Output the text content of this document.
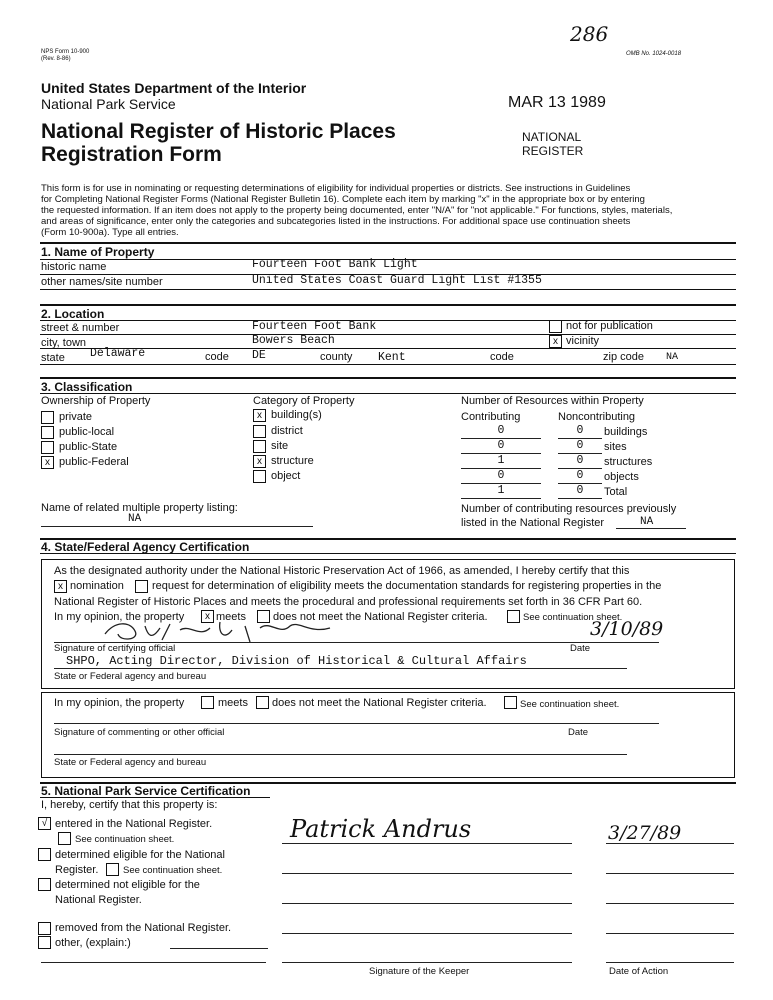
NPS Form 10-900
(Rev. 8-86)
OMB No. 1024-0018
286
United States Department of the Interior
National Park Service
National Register of Historic Places
Registration Form
MAR 13 1989
NATIONAL
REGISTER
This form is for use in nominating or requesting determinations of eligibility for individual properties or districts. See instructions in Guidelines
for Completing National Register Forms (National Register Bulletin 16). Complete each item by marking "x" in the appropriate box or by entering
the requested information. If an item does not apply to the property being documented, enter "N/A" for "not applicable." For functions, styles, materials,
and areas of significance, enter only the categories and subcategories listed in the instructions. For additional space use continuation sheets
(Form 10-900a). Type all entries.
1. Name of Property
historic name	Fourteen Foot Bank Light
other names/site number	United States Coast Guard Light List #1355
2. Location
street & number	Fourteen Foot Bank	not for publication
city, town	Bowers Beach	x vicinity
state Delaware	code DE	county Kent	code	zip code NA
3. Classification
Ownership of Property
private
public-local
public-State
x public-Federal
Category of Property
x building(s)
district
site
x structure
object
Number of Resources within Property
Contributing	Noncontributing
0	0	buildings
0	0	sites
1	0	structures
0	0	objects
1	0	Total
Name of related multiple property listing:
NA
Number of contributing resources previously
listed in the National Register	NA
4. State/Federal Agency Certification
As the designated authority under the National Historic Preservation Act of 1966, as amended, I hereby certify that this
x nomination	request for determination of eligibility meets the documentation standards for registering properties in the
National Register of Historic Places and meets the procedural and professional requirements set forth in 36 CFR Part 60.
In my opinion, the property	x meets does not meet the National Register criteria.	See continuation sheet.
3/10/89
Signature of certifying official	Date
SHPO, Acting Director, Division of Historical & Cultural Affairs
State or Federal agency and bureau
In my opinion, the property	meets does not meet the National Register criteria.	See continuation sheet.
Signature of commenting or other official	Date
State or Federal agency and bureau
5. National Park Service Certification
I, hereby, certify that this property is:
√ entered in the National Register.
See continuation sheet.
determined eligible for the National
Register.	See continuation sheet.
determined not eligible for the
National Register.
removed from the National Register.
other, (explain:)
Patrick Andrus	3/27/89
Signature of the Keeper	Date of Action
